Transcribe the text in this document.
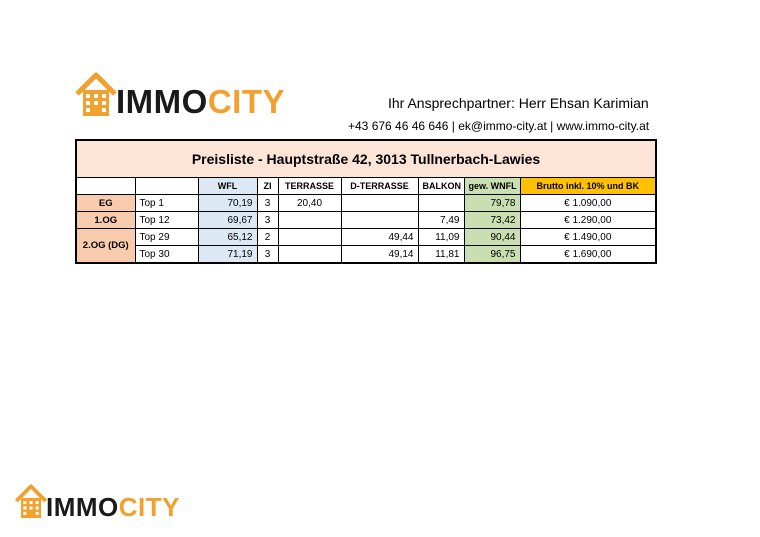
IMMOCITY	Ihr Ansprechpartner: Herr Ehsan Karimian
+43 676 46 46 646 | ek@immo-city.at | www.immo-city.at
Preisliste - Hauptstraße 42, 3013 Tullnerbach-Lawies								
		WFL	ZI	TERRASSE	D-TERRASSE	BALKON	gew. WNFL	Brutto inkl. 10% und BK
EG	Top 1	70,19	3	20,40			79,78	€ 1.090,00
1.OG	Top 12	69,67	3			7,49	73,42	€ 1.290,00
2.OG (DG)	Top 29	65,12	2		49,44	11,09	90,44	€ 1.490,00
	Top 30	71,19	3		49,14	11,81	96,75	€ 1.690,00
IMMOCITY
